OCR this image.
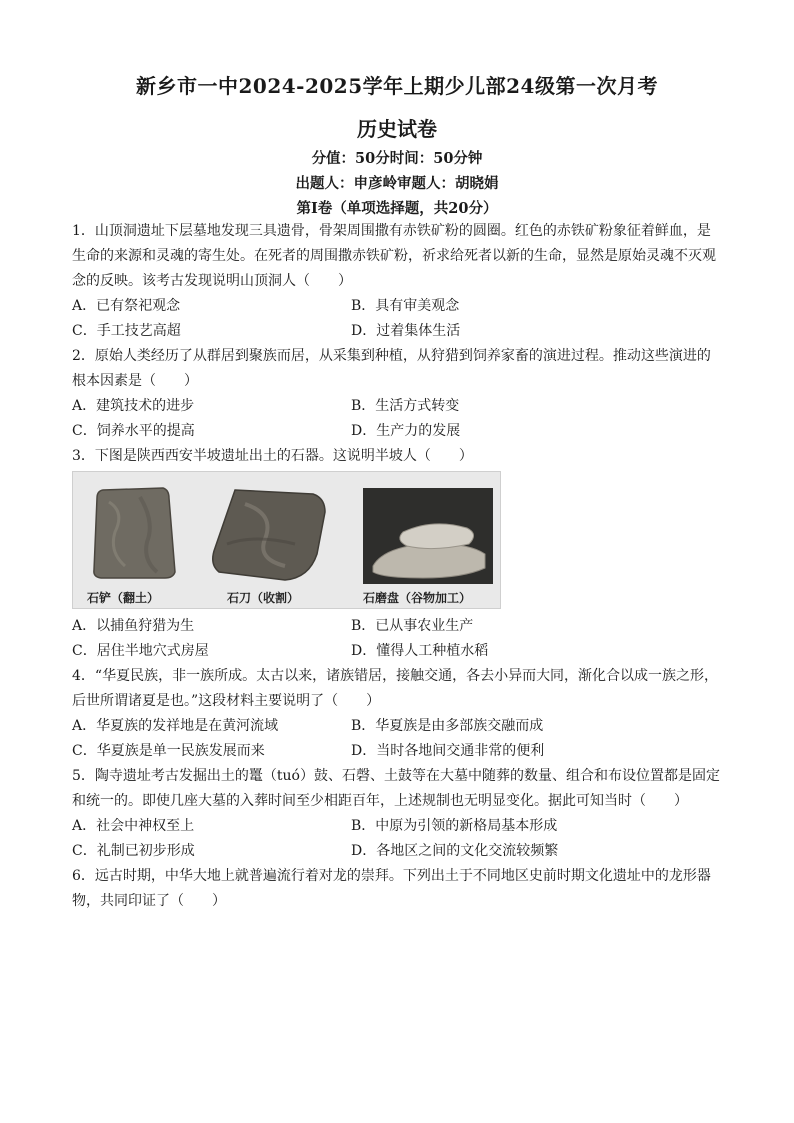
新乡市一中2024-2025学年上期少儿部24级第一次月考
历史试卷
分值：50分时间：50分钟
出题人：申彦岭审题人：胡晓娟
第Ⅰ卷（单项选择题，共20分）
1．山顶洞遗址下层墓地发现三具遗骨，骨架周围撒有赤铁矿粉的圆圈。红色的赤铁矿粉象征着鲜血，是
生命的来源和灵魂的寄生处。在死者的周围撒赤铁矿粉，祈求给死者以新的生命，显然是原始灵魂不灭观
念的反映。该考古发现说明山顶洞人（　　）
A．已有祭祀观念	B．具有审美观念
C．手工技艺高超	D．过着集体生活
2．原始人类经历了从群居到聚族而居，从采集到种植，从狩猎到饲养家畜的演进过程。推动这些演进的
根本因素是（　　）
A．建筑技术的进步	B．生活方式转变
C．饲养水平的提高	D．生产力的发展
3．下图是陕西西安半坡遗址出土的石器。这说明半坡人（　　）
石铲（翻土）	石刀（收割）	石磨盘（谷物加工）
A．以捕鱼狩猎为生	B．已从事农业生产
C．居住半地穴式房屋	D．懂得人工种植水稻
4．“华夏民族，非一族所成。太古以来，诸族错居，接触交通，各去小异而大同，渐化合以成一族之形，
后世所谓诸夏是也。”这段材料主要说明了（　　）
A．华夏族的发祥地是在黄河流域	B．华夏族是由多部族交融而成
C．华夏族是单一民族发展而来	D．当时各地间交通非常的便利
5．陶寺遗址考古发掘出土的鼍（tuó）鼓、石磬、土鼓等在大墓中随葬的数量、组合和布设位置都是固定
和统一的。即使几座大墓的入葬时间至少相距百年，上述规制也无明显变化。据此可知当时（　　）
A．社会中神权至上	B．中原为引领的新格局基本形成
C．礼制已初步形成	D．各地区之间的文化交流较频繁
6．远古时期，中华大地上就普遍流行着对龙的崇拜。下列出土于不同地区史前时期文化遗址中的龙形器
物，共同印证了（　　）
